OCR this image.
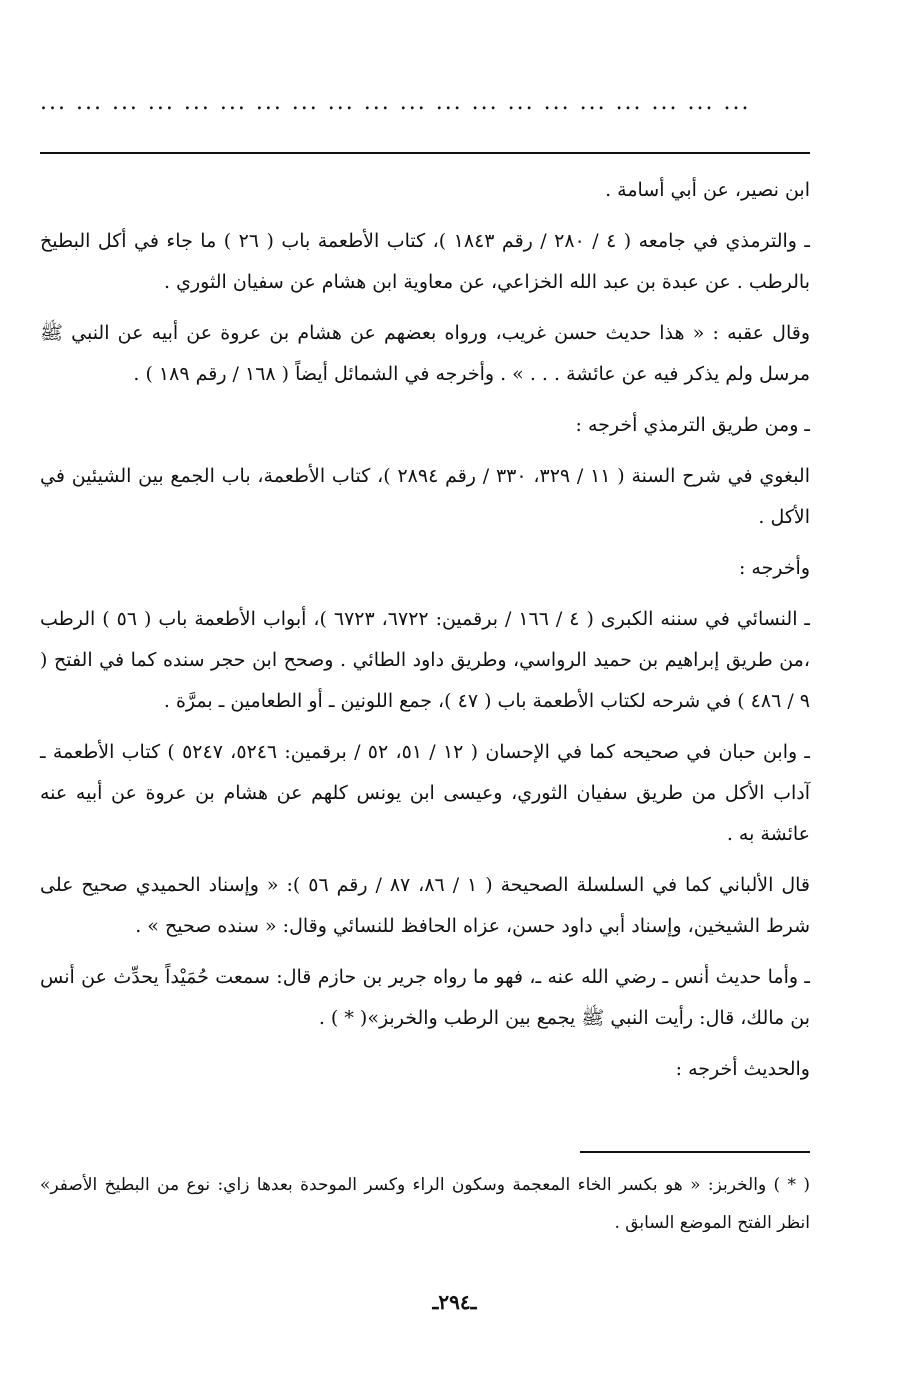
... ... ... ... ... ... ... ... ... ... ... ... ... ... ... ... ... ... ... ...

ابن نصير، عن أبي أسامة .

ـ والترمذي في جامعه ( ٤ / ٢٨٠ / رقم ١٨٤٣ )، كتاب الأطعمة باب ( ٢٦ ) ما جاء في أكل البطيخ بالرطب . عن عبدة بن عبد الله الخزاعي، عن معاوية ابن هشام عن سفيان الثوري .

وقال عقبه : « هذا حديث حسن غريب، ورواه بعضهم عن هشام بن عروة عن أبيه عن النبي ﷺ مرسل ولم يذكر فيه عن عائشة . . . » . وأخرجه في الشمائل أيضاً ( ١٦٨ / رقم ١٨٩ ) .

ـ ومن طريق الترمذي أخرجه :

البغوي في شرح السنة ( ١١ / ٣٢٩، ٣٣٠ / رقم ٢٨٩٤ )، كتاب الأطعمة، باب الجمع بين الشيئين في الأكل .

وأخرجه :

ـ النسائي في سننه الكبرى ( ٤ / ١٦٦ / برقمين: ٦٧٢٢، ٦٧٢٣ )، أبواب الأطعمة باب ( ٥٦ ) الرطب ،من طريق إبراهيم بن حميد الرواسي، وطريق داود الطائي . وصحح ابن حجر سنده كما في الفتح ( ٩ / ٤٨٦ ) في شرحه لكتاب الأطعمة باب ( ٤٧ )، جمع اللونين ـ أو الطعامين ـ بمرَّة .

ـ وابن حبان في صحيحه كما في الإحسان ( ١٢ / ٥١، ٥٢ / برقمين: ٥٢٤٦، ٥٢٤٧ ) كتاب الأطعمة ـ آداب الأكل من طريق سفيان الثوري، وعيسى ابن يونس كلهم عن هشام بن عروة عن أبيه عنه عائشة به .

قال الألباني كما في السلسلة الصحيحة ( ١ / ٨٦، ٨٧ / رقم ٥٦ ): « وإسناد الحميدي صحيح على شرط الشيخين، وإسناد أبي داود حسن، عزاه الحافظ للنسائي وقال: « سنده صحيح » .

ـ وأما حديث أنس ـ رضي الله عنه ـ، فهو ما رواه جرير بن حازم قال: سمعت حُمَيْداً يحدِّث عن أنس بن مالك، قال: رأيت النبي ﷺ يجمع بين الرطب والخربز»( * ) .

والحديث أخرجه :

( * ) والخربز: « هو بكسر الخاء المعجمة وسكون الراء وكسر الموحدة بعدها زاي: نوع من البطيخ الأصفر» انظر الفتح الموضع السابق .

ـ٢٩٤ـ
